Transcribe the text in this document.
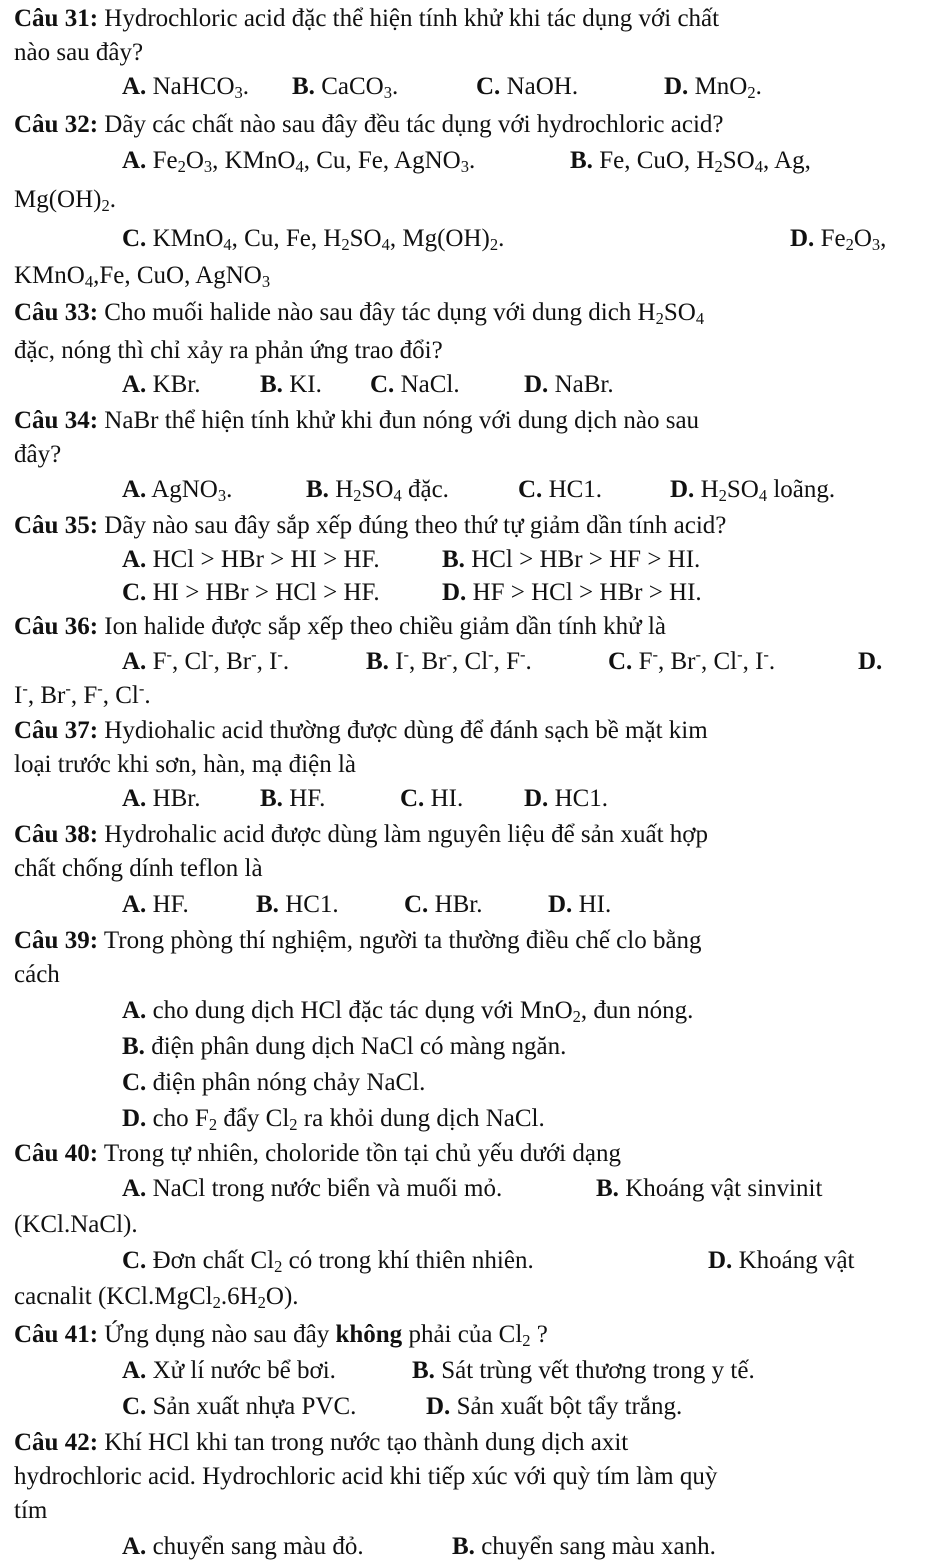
Câu 31: Hydrochloric acid đặc thể hiện tính khử khi tác dụng với chất
nào sau đây?
A. NaHCO$_3$. B. CaCO$_3$.	C. NaOH.	D. MnO$_2$.
Câu 32: Dãy các chất nào sau đây đều tác dụng với hydrochloric acid?
A. $Fe_2O_3$, KMnO$_4$, Cu, Fe, AgNO$_3$.	B. Fe, CuO, $H_2SO_4$, Ag,
$Mg(OH)_2$.
C. KMnO$_4$, Cu, Fe, $H_2SO_4$, $Mg(OH)_2$.	D. $Fe_2O_3$,
KMnO$_4$,Fe, CuO, AgNO$_3$
Câu 33: Cho muối halide nào sau đây tác dụng với dung dich $H_2SO_4$
đặc, nóng thì chỉ xảy ra phản ứng trao đổi?
A. KBr. B. KI. C. NaCl.	D. NaBr.
Câu 34: NaBr thể hiện tính khử khi đun nóng với dung dịch nào sau
đây?
A. AgNO$_3$.	B. $H_2SO_4$ đặc.	C. HC1.	D. $H_2SO_4$ loãng.
Câu 35: Dãy nào sau đây sắp xếp đúng theo thứ tự giảm dần tính acid?
A. HCl > HBr > HI > HF. B. HCl > HBr > HF > HI.
C. HI > HBr > HCl > HF. D. HF > HCl > HBr > HI.
Câu 36: Ion halide được sắp xếp theo chiều giảm dần tính khử là
A. F-, Cl-, Br-, I-.	B. I-, Br-, Cl-, F-.	C. F-, Br-, Cl-, I-.	D.
I-, Br-, F-, Cl-.
Câu 37: Hydiohalic acid thường được dùng để đánh sạch bề mặt kim
loại trước khi sơn, hàn, mạ điện là
A. HBr. B. HF.	C. HI. D. HC1.
Câu 38: Hydrohalic acid được dùng làm nguyên liệu để sản xuất hợp
chất chống dính teflon là
A. HF.	B. HC1.	C. HBr.	D. HI.
Câu 39: Trong phòng thí nghiệm, người ta thường điều chế clo bằng
cách
A. cho dung dịch HCl đặc tác dụng với MnO$_2$, đun nóng.
B. điện phân dung dịch NaCl có màng ngăn.
C. điện phân nóng chảy NaCl.
D. cho $F_2$ đẩy $Cl_2$ ra khỏi dung dịch NaCl.
Câu 40: Trong tự nhiên, choloride tồn tại chủ yếu dưới dạng
A. NaCl trong nước biển và muối mỏ.	B. Khoáng vật sinvinit
(KCl.NaCl).
C. Đơn chất $Cl_2$ có trong khí thiên nhiên.	D. Khoáng vật
cacnalit $(KCl.MgCl_2.6H_2O)$.
Câu 41: Ứng dụng nào sau đây không phải của $Cl_2$ ?
A. Xử lí nước bể bơi.	B. Sát trùng vết thương trong y tế.
C. Sản xuất nhựa PVC.	D. Sản xuất bột tẩy trắng.
Câu 42: Khí HCl khi tan trong nước tạo thành dung dịch axit
hydrochloric acid. Hydrochloric acid khi tiếp xúc với quỳ tím làm quỳ
tím
A. chuyển sang màu đỏ.	B. chuyển sang màu xanh.
